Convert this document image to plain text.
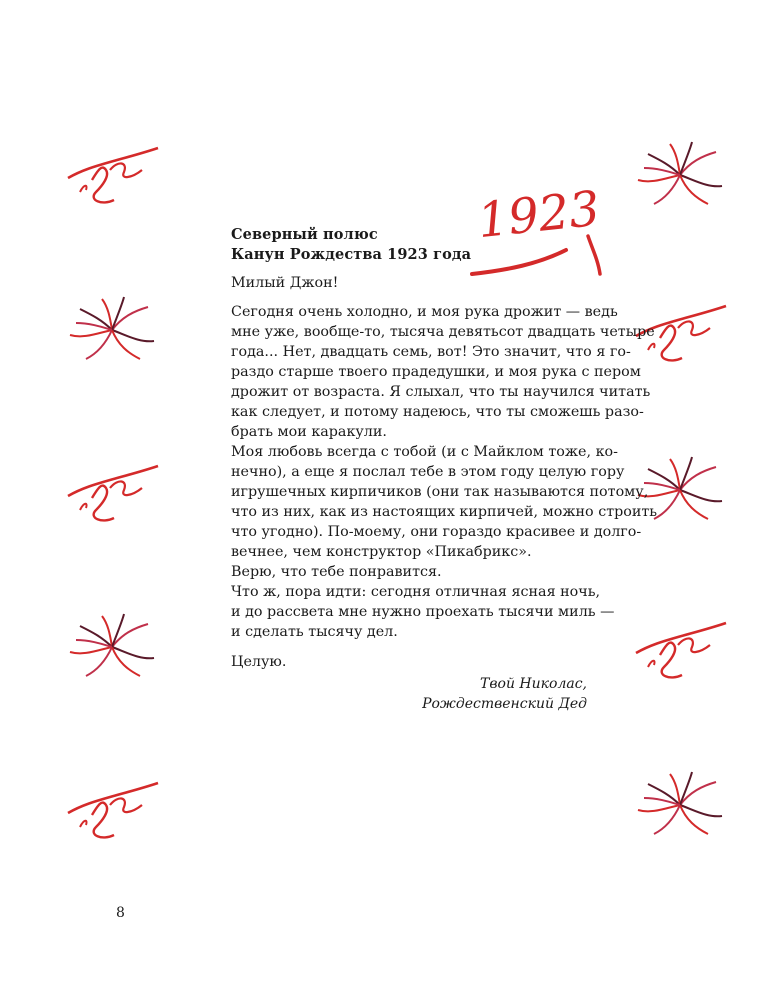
1923
Северный полюс
Канун Рождества 1923 года
Милый Джон!
Сегодня очень холодно, и моя рука дрожит — ведь
мне уже, вообще-то, тысяча девятьсот двадцать четыре
года... Нет, двадцать семь, вот! Это значит, что я го-
раздо старше твоего прадедушки, и моя рука с пером
дрожит от возраста. Я слыхал, что ты научился читать
как следует, и потому надеюсь, что ты сможешь разо-
брать мои каракули.
Моя любовь всегда с тобой (и с Майклом тоже, ко-
нечно), а еще я послал тебе в этом году целую гору
игрушечных кирпичиков (они так называются потому,
что из них, как из настоящих кирпичей, можно строить
что угодно). По-моему, они гораздо красивее и долго-
вечнее, чем конструктор «Пикабрикс».
Верю, что тебе понравится.
Что ж, пора идти: сегодня отличная ясная ночь,
и до рассвета мне нужно проехать тысячи миль —
и сделать тысячу дел.
Целую.
Твой Николас,
Рождественский Дед
8
